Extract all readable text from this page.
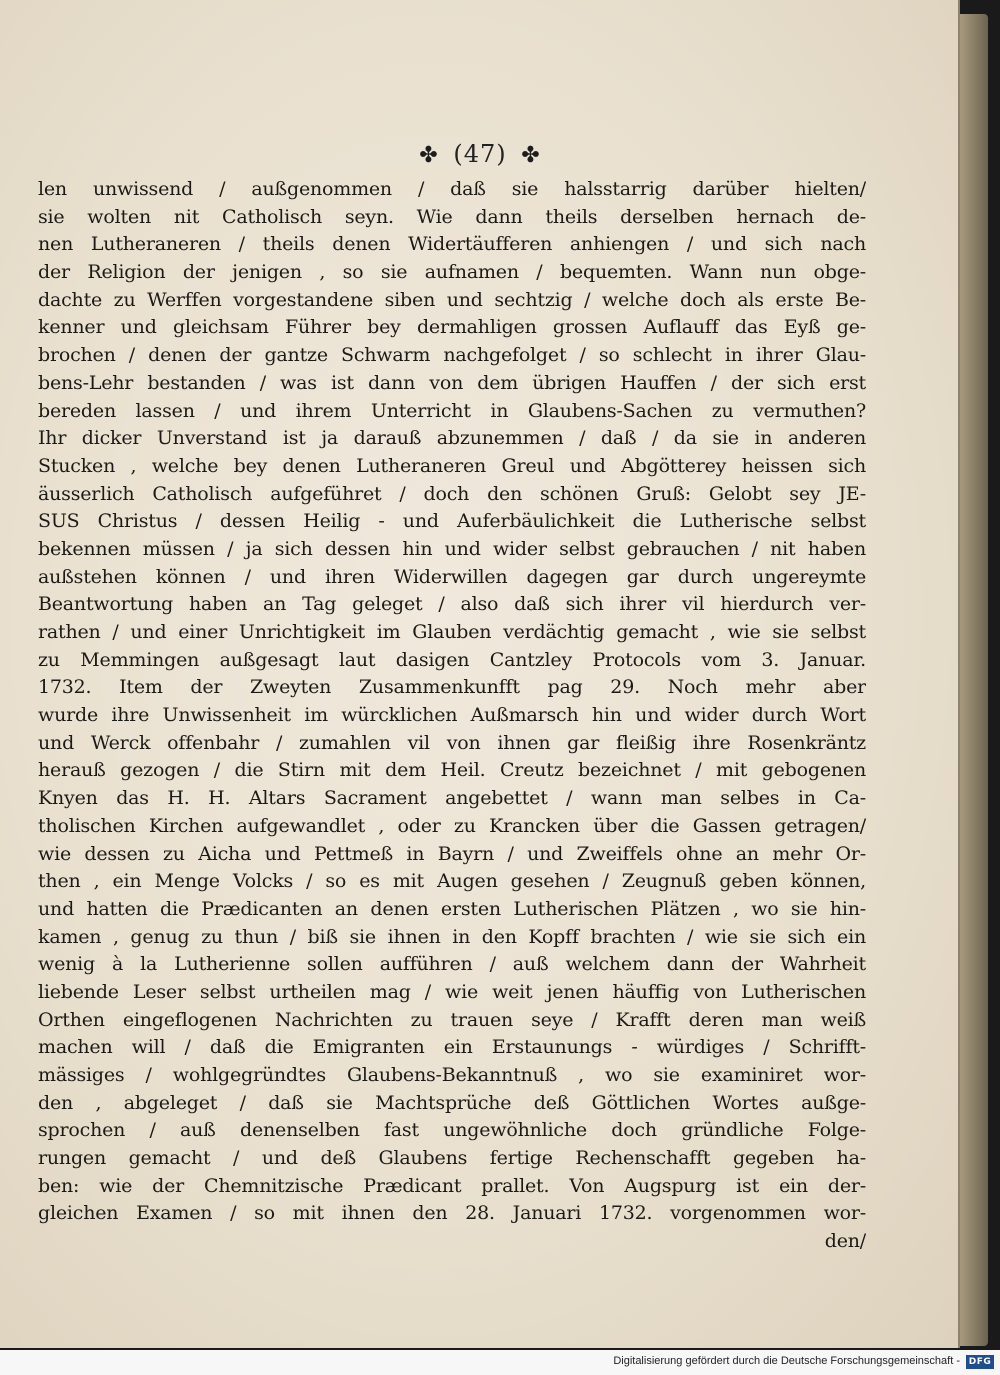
✤ (47) ✤
len unwissend / außgenommen / daß sie halsstarrig darüber hielten/
sie wolten nit Catholisch seyn. Wie dann theils derselben hernach de-
nen Lutheraneren / theils denen Widertäufferen anhiengen / und sich nach
der Religion der jenigen , so sie aufnamen / bequemten. Wann nun obge-
dachte zu Werffen vorgestandene siben und sechtzig / welche doch als erste Be-
kenner und gleichsam Führer bey dermahligen grossen Auflauff das Eyß ge-
brochen / denen der gantze Schwarm nachgefolget / so schlecht in ihrer Glau-
bens-Lehr bestanden / was ist dann von dem übrigen Hauffen / der sich erst
bereden lassen / und ihrem Unterricht in Glaubens-Sachen zu vermuthen?
Ihr dicker Unverstand ist ja darauß abzunemmen / daß / da sie in anderen
Stucken , welche bey denen Lutheraneren Greul und Abgötterey heissen sich
äusserlich Catholisch aufgeführet / doch den schönen Gruß: Gelobt sey JE-
SUS Christus / dessen Heilig - und Auferbäulichkeit die Lutherische selbst
bekennen müssen / ja sich dessen hin und wider selbst gebrauchen / nit haben
außstehen können / und ihren Widerwillen dagegen gar durch ungereymte
Beantwortung haben an Tag geleget / also daß sich ihrer vil hierdurch ver-
rathen / und einer Unrichtigkeit im Glauben verdächtig gemacht , wie sie selbst
zu Memmingen außgesagt laut dasigen Cantzley Protocols vom 3. Januar.
1732. Item der Zweyten Zusammenkunfft pag 29. Noch mehr aber
wurde ihre Unwissenheit im würcklichen Außmarsch hin und wider durch Wort
und Werck offenbahr / zumahlen vil von ihnen gar fleißig ihre Rosenkräntz
herauß gezogen / die Stirn mit dem Heil. Creutz bezeichnet / mit gebogenen
Knyen das H. H. Altars Sacrament angebettet / wann man selbes in Ca-
tholischen Kirchen aufgewandlet , oder zu Krancken über die Gassen getragen/
wie dessen zu Aicha und Pettmeß in Bayrn / und Zweiffels ohne an mehr Or-
then , ein Menge Volcks / so es mit Augen gesehen / Zeugnuß geben können,
und hatten die Prædicanten an denen ersten Lutherischen Plätzen , wo sie hin-
kamen , genug zu thun / biß sie ihnen in den Kopff brachten / wie sie sich ein
wenig à la Lutherienne sollen aufführen / auß welchem dann der Wahrheit
liebende Leser selbst urtheilen mag / wie weit jenen häuffig von Lutherischen
Orthen eingeflogenen Nachrichten zu trauen seye / Krafft deren man weiß
machen will / daß die Emigranten ein Erstaunungs - würdiges / Schrifft-
mässiges / wohlgegründtes Glaubens-Bekanntnuß , wo sie examiniret wor-
den , abgeleget / daß sie Machtsprüche deß Göttlichen Wortes außge-
sprochen / auß denenselben fast ungewöhnliche doch gründliche Folge-
rungen gemacht / und deß Glaubens fertige Rechenschafft gegeben ha-
ben: wie der Chemnitzische Prædicant prallet. Von Augspurg ist ein der-
gleichen Examen / so mit ihnen den 28. Januari 1732. vorgenommen wor-
den/
Digitalisierung gefördert durch die Deutsche Forschungsgemeinschaft - DFG
